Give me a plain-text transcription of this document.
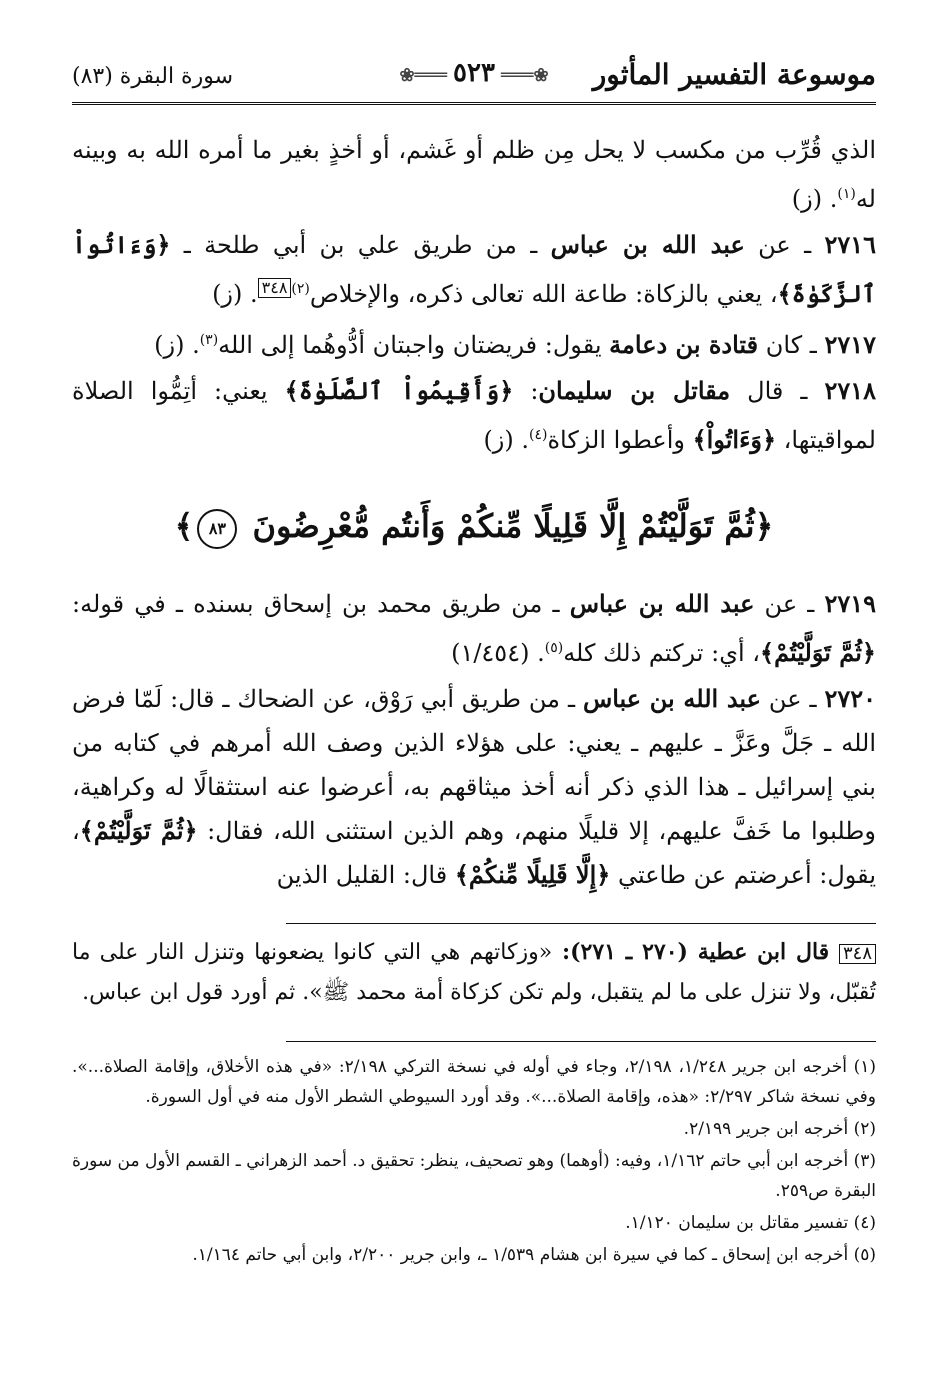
موسوعة التفسير المأثور
❀═══٥٢٣═══❀
سورة البقرة (٨٣)

الذي قُرِّب من مكسب لا يحل مِن ظلم أو غَشم، أو أخذٍ بغير ما أمره الله به وبينه له$^{(١)}$. (ز)

٢٧١٦ ـ عن عبد الله بن عباس ـ من طريق علي بن أبي طلحة ـ ﴿وَءَاتُواْ ٱلزَّكَوٰةَ﴾، يعني بالزكاة: طاعة الله تعالى ذكره، والإخلاص$^{(٢)}$٣٤٨. (ز)

٢٧١٧ ـ كان قتادة بن دعامة يقول: فريضتان واجبتان أدُّوهُما إلى الله$^{(٣)}$. (ز)

٢٧١٨ ـ قال مقاتل بن سليمان: ﴿وَأَقِيمُواْ ٱلصَّلَوٰةَ﴾ يعني: أتِمُّوا الصلاة لمواقيتها، ﴿وَءَاتُواْ﴾ وأعطوا الزكاة$^{(٤)}$. (ز)

﴿ثُمَّ تَوَلَّيْتُمْ إِلَّا قَلِيلًا مِّنكُمْ وَأَنتُم مُّعْرِضُونَ ٨٣﴾

٢٧١٩ ـ عن عبد الله بن عباس ـ من طريق محمد بن إسحاق بسنده ـ في قوله: ﴿ثُمَّ تَوَلَّيْتُمْ﴾، أي: تركتم ذلك كله$^{(٥)}$. (١/٤٥٤)

٢٧٢٠ ـ عن عبد الله بن عباس ـ من طريق أبي رَوْق، عن الضحاك ـ قال: لَمّا فرض الله ـ جَلَّ وعَزَّ ـ عليهم ـ يعني: على هؤلاء الذين وصف الله أمرهم في كتابه من بني إسرائيل ـ هذا الذي ذكر أنه أخذ ميثاقهم به، أعرضوا عنه استثقالًا له وكراهية، وطلبوا ما خَفَّ عليهم، إلا قليلًا منهم، وهم الذين استثنى الله، فقال: ﴿ثُمَّ تَوَلَّيْتُمْ﴾، يقول: أعرضتم عن طاعتي ﴿إِلَّا قَلِيلًا مِّنكُمْ﴾ قال: القليل الذين

٣٤٨ قال ابن عطية (٢٧٠ ـ ٢٧١): «وزكاتهم هي التي كانوا يضعونها وتنزل النار على ما تُقبّل، ولا تنزل على ما لم يتقبل، ولم تكن كزكاة أمة محمد ﷺ». ثم أورد قول ابن عباس.

(١) أخرجه ابن جرير ١/٢٤٨، ٢/١٩٨، وجاء في أوله في نسخة التركي ٢/١٩٨: «في هذه الأخلاق، وإقامة الصلاة...». وفي نسخة شاكر ٢/٢٩٧: «هذه، وإقامة الصلاة...». وقد أورد السيوطي الشطر الأول منه في أول السورة.

(٢) أخرجه ابن جرير ٢/١٩٩.

(٣) أخرجه ابن أبي حاتم ١/١٦٢، وفيه: (أوهما) وهو تصحيف، ينظر: تحقيق د. أحمد الزهراني ـ القسم الأول من سورة البقرة ص٢٥٩.

(٤) تفسير مقاتل بن سليمان ١/١٢٠.

(٥) أخرجه ابن إسحاق ـ كما في سيرة ابن هشام ١/٥٣٩ ـ، وابن جرير ٢/٢٠٠، وابن أبي حاتم ١/١٦٤.
